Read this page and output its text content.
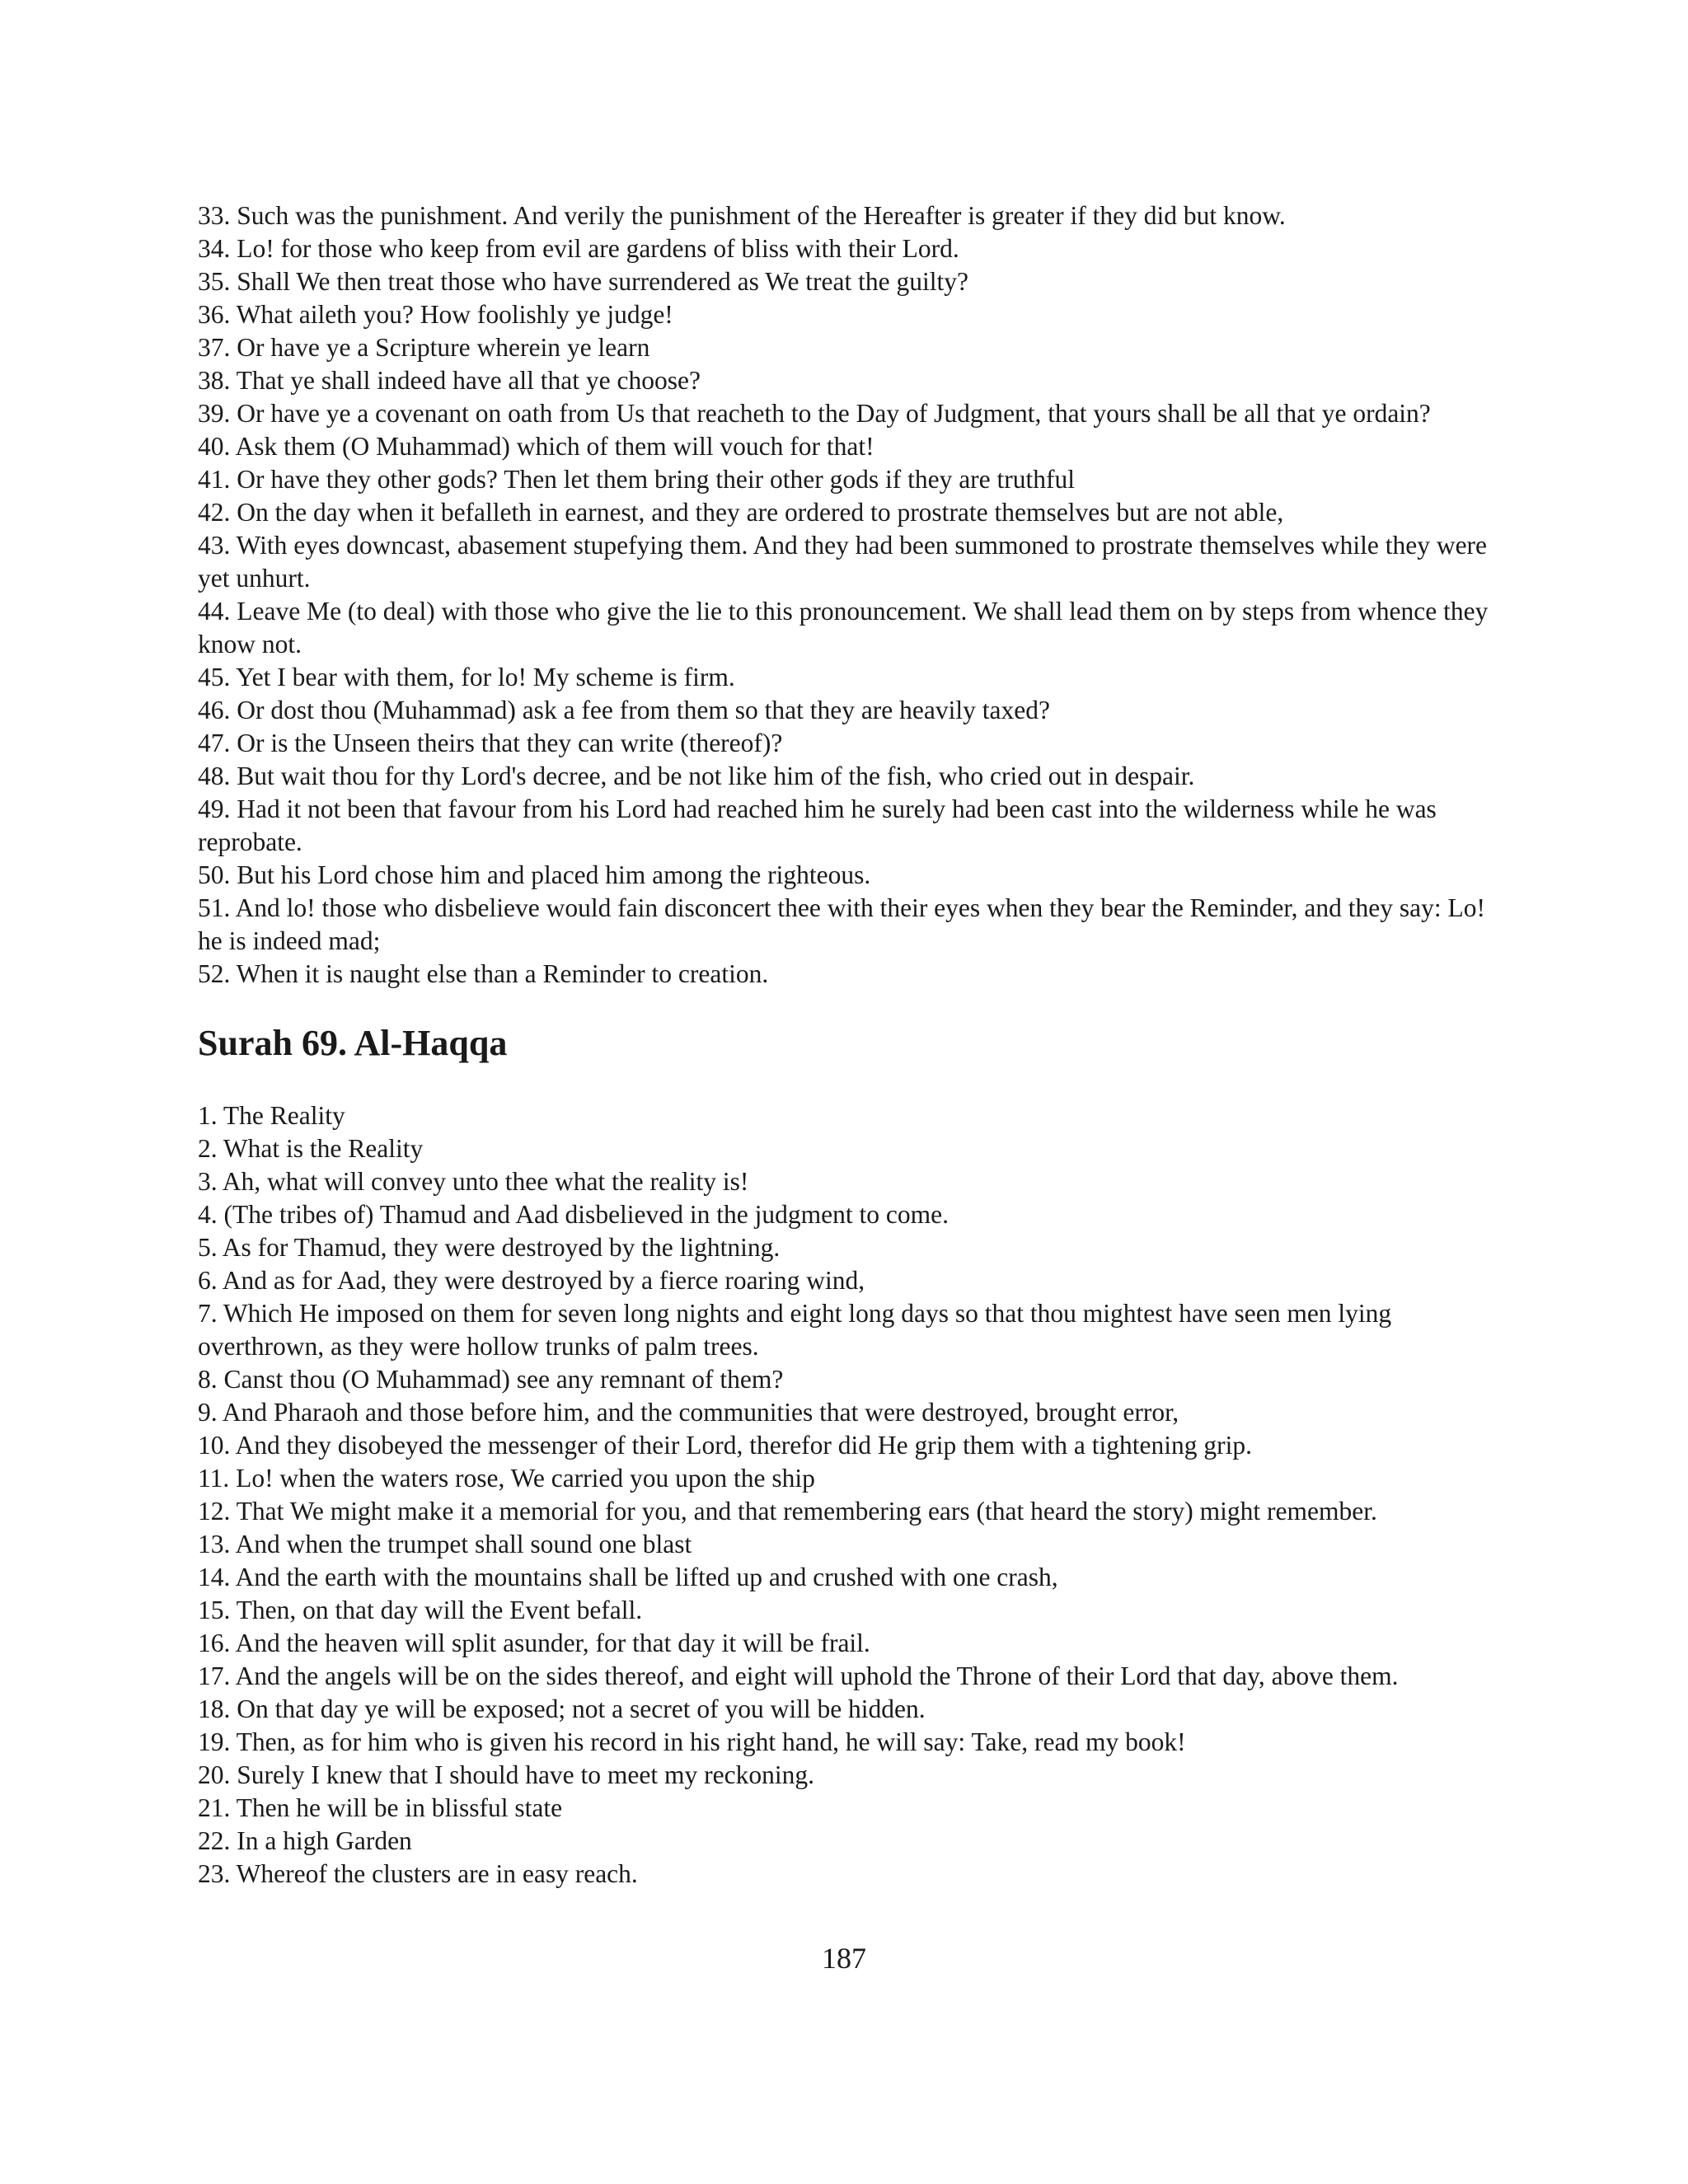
33. Such was the punishment. And verily the punishment of the Hereafter is greater if they did but know.
34. Lo! for those who keep from evil are gardens of bliss with their Lord.
35. Shall We then treat those who have surrendered as We treat the guilty?
36. What aileth you? How foolishly ye judge!
37. Or have ye a Scripture wherein ye learn
38. That ye shall indeed have all that ye choose?
39. Or have ye a covenant on oath from Us that reacheth to the Day of Judgment, that yours shall be all that ye ordain?
40. Ask them (O Muhammad) which of them will vouch for that!
41. Or have they other gods? Then let them bring their other gods if they are truthful
42. On the day when it befalleth in earnest, and they are ordered to prostrate themselves but are not able,
43. With eyes downcast, abasement stupefying them. And they had been summoned to prostrate themselves while they were yet unhurt.
44. Leave Me (to deal) with those who give the lie to this pronouncement. We shall lead them on by steps from whence they know not.
45. Yet I bear with them, for lo! My scheme is firm.
46. Or dost thou (Muhammad) ask a fee from them so that they are heavily taxed?
47. Or is the Unseen theirs that they can write (thereof)?
48. But wait thou for thy Lord's decree, and be not like him of the fish, who cried out in despair.
49. Had it not been that favour from his Lord had reached him he surely had been cast into the wilderness while he was reprobate.
50. But his Lord chose him and placed him among the righteous.
51. And lo! those who disbelieve would fain disconcert thee with their eyes when they bear the Reminder, and they say: Lo! he is indeed mad;
52. When it is naught else than a Reminder to creation.
Surah 69. Al-Haqqa
1. The Reality
2. What is the Reality
3. Ah, what will convey unto thee what the reality is!
4. (The tribes of) Thamud and Aad disbelieved in the judgment to come.
5. As for Thamud, they were destroyed by the lightning.
6. And as for Aad, they were destroyed by a fierce roaring wind,
7. Which He imposed on them for seven long nights and eight long days so that thou mightest have seen men lying overthrown, as they were hollow trunks of palm trees.
8. Canst thou (O Muhammad) see any remnant of them?
9. And Pharaoh and those before him, and the communities that were destroyed, brought error,
10. And they disobeyed the messenger of their Lord, therefor did He grip them with a tightening grip.
11. Lo! when the waters rose, We carried you upon the ship
12. That We might make it a memorial for you, and that remembering ears (that heard the story) might remember.
13. And when the trumpet shall sound one blast
14. And the earth with the mountains shall be lifted up and crushed with one crash,
15. Then, on that day will the Event befall.
16. And the heaven will split asunder, for that day it will be frail.
17. And the angels will be on the sides thereof, and eight will uphold the Throne of their Lord that day, above them.
18. On that day ye will be exposed; not a secret of you will be hidden.
19. Then, as for him who is given his record in his right hand, he will say: Take, read my book!
20. Surely I knew that I should have to meet my reckoning.
21. Then he will be in blissful state
22. In a high Garden
23. Whereof the clusters are in easy reach.
187
